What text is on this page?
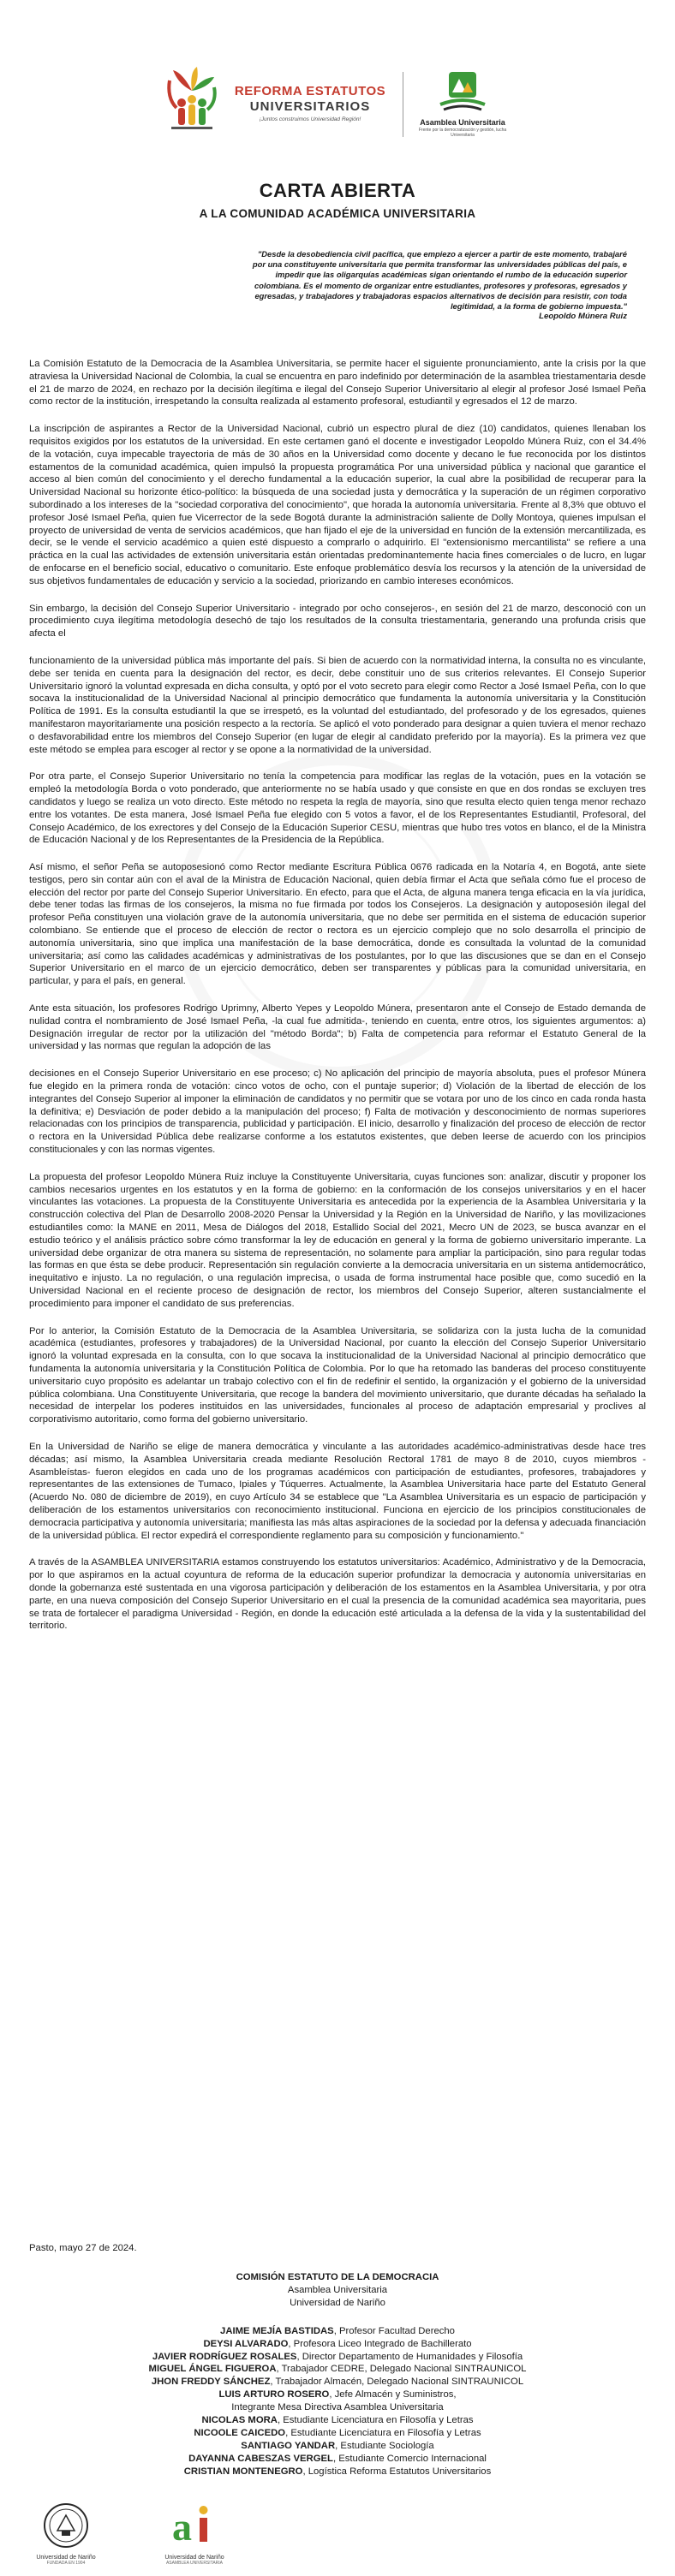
REFORMA ESTATUTOS
UNIVERSITARIOS
¡Juntos construimos Universidad Región!	Asamblea Universitaria
Frente por la democratización y gestión, lucha Universitaria
CARTA ABIERTA
A LA COMUNIDAD ACADÉMICA UNIVERSITARIA
"Desde la desobediencia civil pacífica, que empiezo a ejercer a partir de este momento, trabajaré por una constituyente universitaria que permita transformar las universidades públicas del país, e impedir que las oligarquías académicas sigan orientando el rumbo de la educación superior colombiana. Es el momento de organizar entre estudiantes, profesores y profesoras, egresados y egresadas, y trabajadores y trabajadoras espacios alternativos de decisión para resistir, con toda legitimidad, a la forma de gobierno impuesta."
Leopoldo Múnera Ruiz

La Comisión Estatuto de la Democracia de la Asamblea Universitaria, se permite hacer el siguiente pronunciamiento, ante la crisis por la que atraviesa la Universidad Nacional de Colombia, la cual se encuentra en paro indefinido por determinación de la asamblea triestamentaria desde el 21 de marzo de 2024, en rechazo por la decisión ilegítima e ilegal del Consejo Superior Universitario al elegir al profesor José Ismael Peña como rector de la institución, irrespetando la consulta realizada al estamento profesoral, estudiantil y egresados el 12 de marzo.

La inscripción de aspirantes a Rector de la Universidad Nacional, cubrió un espectro plural de diez (10) candidatos, quienes llenaban los requisitos exigidos por los estatutos de la universidad. En este certamen ganó el docente e investigador Leopoldo Múnera Ruiz, con el 34.4% de la votación, cuya impecable trayectoria de más de 30 años en la Universidad como docente y decano le fue reconocida por los distintos estamentos de la comunidad académica, quien impulsó la propuesta programática Por una universidad pública y nacional que garantice el acceso al bien común del conocimiento y el derecho fundamental a la educación superior, la cual abre la posibilidad de recuperar para la Universidad Nacional su horizonte ético-político: la búsqueda de una sociedad justa y democrática y la superación de un régimen corporativo subordinado a los intereses de la "sociedad corporativa del conocimiento", que horada la autonomía universitaria. Frente al 8,3% que obtuvo el profesor José Ismael Peña, quien fue Vicerrector de la sede Bogotá durante la administración saliente de Dolly Montoya, quienes impulsan el proyecto de universidad de venta de servicios académicos, que han fijado el eje de la universidad en función de la extensión mercantilizada, es decir, se le vende el servicio académico a quien esté dispuesto a comprarlo o adquirirlo. El "extensionismo mercantilista" se refiere a una práctica en la cual las actividades de extensión universitaria están orientadas predominantemente hacia fines comerciales o de lucro, en lugar de enfocarse en el beneficio social, educativo o comunitario. Este enfoque problemático desvía los recursos y la atención de la universidad de sus objetivos fundamentales de educación y servicio a la sociedad, priorizando en cambio intereses económicos.

Sin embargo, la decisión del Consejo Superior Universitario - integrado por ocho consejeros-, en sesión del 21 de marzo, desconoció con un procedimiento cuya ilegítima metodología desechó de tajo los resultados de la consulta triestamentaria, generando una profunda crisis que afecta el

funcionamiento de la universidad pública más importante del país. Si bien de acuerdo con la normatividad interna, la consulta no es vinculante, debe ser tenida en cuenta para la designación del rector, es decir, debe constituir uno de sus criterios relevantes. El Consejo Superior Universitario ignoró la voluntad expresada en dicha consulta, y optó por el voto secreto para elegir como Rector a José Ismael Peña, con lo que socava la institucionalidad de la Universidad Nacional al principio democrático que fundamenta la autonomía universitaria y la Constitución Política de 1991. Es la consulta estudiantil la que se irrespetó, es la voluntad del estudiantado, del profesorado y de los egresados, quienes manifestaron mayoritariamente una posición respecto a la rectoría. Se aplicó el voto ponderado para designar a quien tuviera el menor rechazo o desfavorabilidad entre los miembros del Consejo Superior (en lugar de elegir al candidato preferido por la mayoría). Es la primera vez que este método se emplea para escoger al rector y se opone a la normatividad de la universidad.

Por otra parte, el Consejo Superior Universitario no tenía la competencia para modificar las reglas de la votación, pues en la votación se empleó la metodología Borda o voto ponderado, que anteriormente no se había usado y que consiste en que en dos rondas se excluyen tres candidatos y luego se realiza un voto directo. Este método no respeta la regla de mayoría, sino que resulta electo quien tenga menor rechazo entre los votantes. De esta manera, José Ismael Peña fue elegido con 5 votos a favor, el de los Representantes Estudiantil, Profesoral, del Consejo Académico, de los exrectores y del Consejo de la Educación Superior CESU, mientras que hubo tres votos en blanco, el de la Ministra de Educación Nacional y de los Representantes de la Presidencia de la República.

Así mismo, el señor Peña se autoposesionó como Rector mediante Escritura Pública 0676 radicada en la Notaría 4, en Bogotá, ante siete testigos, pero sin contar aún con el aval de la Ministra de Educación Nacional, quien debía firmar el Acta que señala cómo fue el proceso de elección del rector por parte del Consejo Superior Universitario. En efecto, para que el Acta, de alguna manera tenga eficacia en la vía jurídica, debe tener todas las firmas de los consejeros, la misma no fue firmada por todos los Consejeros. La designación y autoposesión ilegal del profesor Peña constituyen una violación grave de la autonomía universitaria, que no debe ser permitida en el sistema de educación superior colombiano. Se entiende que el proceso de elección de rector o rectora es un ejercicio complejo que no solo desarrolla el principio de autonomía universitaria, sino que implica una manifestación de la base democrática, donde es consultada la voluntad de la comunidad universitaria; así como las calidades académicas y administrativas de los postulantes, por lo que las discusiones que se dan en el Consejo Superior Universitario en el marco de un ejercicio democrático, deben ser transparentes y públicas para la comunidad universitaria, en particular, y para el país, en general.

Ante esta situación, los profesores Rodrigo Uprimny, Alberto Yepes y Leopoldo Múnera, presentaron ante el Consejo de Estado demanda de nulidad contra el nombramiento de José Ismael Peña, -la cual fue admitida-, teniendo en cuenta, entre otros, los siguientes argumentos: a) Designación irregular de rector por la utilización del "método Borda"; b) Falta de competencia para reformar el Estatuto General de la universidad y las normas que regulan la adopción de las

decisiones en el Consejo Superior Universitario en ese proceso; c) No aplicación del principio de mayoría absoluta, pues el profesor Múnera fue elegido en la primera ronda de votación: cinco votos de ocho, con el puntaje superior; d) Violación de la libertad de elección de los integrantes del Consejo Superior al imponer la eliminación de candidatos y no permitir que se votara por uno de los cinco en cada ronda hasta la definitiva; e) Desviación de poder debido a la manipulación del proceso; f) Falta de motivación y desconocimiento de normas superiores relacionadas con los principios de transparencia, publicidad y participación. El inicio, desarrollo y finalización del proceso de elección de rector o rectora en la Universidad Pública debe realizarse conforme a los estatutos existentes, que deben leerse de acuerdo con los principios constitucionales y con las normas vigentes.

La propuesta del profesor Leopoldo Múnera Ruiz incluye la Constituyente Universitaria, cuyas funciones son: analizar, discutir y proponer los cambios necesarios urgentes en los estatutos y en la forma de gobierno: en la conformación de los consejos universitarios y en el hacer vinculantes las votaciones. La propuesta de la Constituyente Universitaria es antecedida por la experiencia de la Asamblea Universitaria y la construcción colectiva del Plan de Desarrollo 2008-2020 Pensar la Universidad y la Región en la Universidad de Nariño, y las movilizaciones estudiantiles como: la MANE en 2011, Mesa de Diálogos del 2018, Estallido Social del 2021, Mecro UN de 2023, se busca avanzar en el estudio teórico y el análisis práctico sobre cómo transformar la ley de educación en general y la forma de gobierno universitario imperante. La universidad debe organizar de otra manera su sistema de representación, no solamente para ampliar la participación, sino para regular todas las formas en que ésta se debe producir. Representación sin regulación convierte a la democracia universitaria en un sistema antidemocrático, inequitativo e injusto. La no regulación, o una regulación imprecisa, o usada de forma instrumental hace posible que, como sucedió en la Universidad Nacional en el reciente proceso de designación de rector, los miembros del Consejo Superior, alteren sustancialmente el procedimiento para imponer el candidato de sus preferencias.

Por lo anterior, la Comisión Estatuto de la Democracia de la Asamblea Universitaria, se solidariza con la justa lucha de la comunidad académica (estudiantes, profesores y trabajadores) de la Universidad Nacional, por cuanto la elección del Consejo Superior Universitario ignoró la voluntad expresada en la consulta, con lo que socava la institucionalidad de la Universidad Nacional al principio democrático que fundamenta la autonomía universitaria y la Constitución Política de Colombia. Por lo que ha retomado las banderas del proceso constituyente universitario cuyo propósito es adelantar un trabajo colectivo con el fin de redefinir el sentido, la organización y el gobierno de la universidad pública colombiana. Una Constituyente Universitaria, que recoge la bandera del movimiento universitario, que durante décadas ha señalado la necesidad de interpelar los poderes instituidos en las universidades, funcionales al proceso de adaptación empresarial y proclives al corporativismo autoritario, como forma del gobierno universitario.

En la Universidad de Nariño se elige de manera democrática y vinculante a las autoridades académico-administrativas desde hace tres décadas; así mismo, la Asamblea Universitaria creada mediante Resolución Rectoral 1781 de mayo 8 de 2010, cuyos miembros -Asambleístas- fueron elegidos en cada uno de los programas académicos con participación de estudiantes, profesores, trabajadores y representantes de las extensiones de Tumaco, Ipiales y Túquerres. Actualmente, la Asamblea Universitaria hace parte del Estatuto General (Acuerdo No. 080 de diciembre de 2019), en cuyo Artículo 34 se establece que "La Asamblea Universitaria es un espacio de participación y deliberación de los estamentos universitarios con reconocimiento institucional. Funciona en ejercicio de los principios constitucionales de democracia participativa y autonomía universitaria; manifiesta las más altas aspiraciones de la sociedad por la defensa y adecuada financiación de la universidad pública. El rector expedirá el correspondiente reglamento para su composición y funcionamiento."

A través de la ASAMBLEA UNIVERSITARIA estamos construyendo los estatutos universitarios: Académico, Administrativo y de la Democracia, por lo que aspiramos en la actual coyuntura de reforma de la educación superior profundizar la democracia y autonomía universitarias en donde la gobernanza esté sustentada en una vigorosa participación y deliberación de los estamentos en la Asamblea Universitaria, y por otra parte, en una nueva composición del Consejo Superior Universitario en el cual la presencia de la comunidad académica sea mayoritaria, pues se trata de fortalecer el paradigma Universidad - Región, en donde la educación esté articulada a la defensa de la vida y la sustentabilidad del territorio.

Pasto, mayo 27 de 2024.
COMISIÓN ESTATUTO DE LA DEMOCRACIA
Asamblea Universitaria
Universidad de Nariño
JAIME MEJÍA BASTIDAS, Profesor Facultad Derecho
DEYSI ALVARADO, Profesora Liceo Integrado de Bachillerato
JAVIER RODRÍGUEZ ROSALES, Director Departamento de Humanidades y Filosofía
MIGUEL ÁNGEL FIGUEROA, Trabajador CEDRE, Delegado Nacional SINTRAUNICOL
JHON FREDDY SÁNCHEZ, Trabajador Almacén, Delegado Nacional SINTRAUNICOL
LUIS ARTURO ROSERO, Jefe Almacén y Suministros,
Integrante Mesa Directiva Asamblea Universitaria
NICOLAS MORA, Estudiante Licenciatura en Filosofía y Letras
NICOOLE CAICEDO, Estudiante Licenciatura en Filosofía y Letras
SANTIAGO YANDAR, Estudiante Sociología
DAYANNA CABESZAS VERGEL, Estudiante Comercio Internacional
CRISTIAN MONTENEGRO, Logística Reforma Estatutos Universitarios
Universidad de Nariño
FUNDADA EN 1904
a
Universidad de Nariño
ASAMBLEA UNIVERSITARIA
